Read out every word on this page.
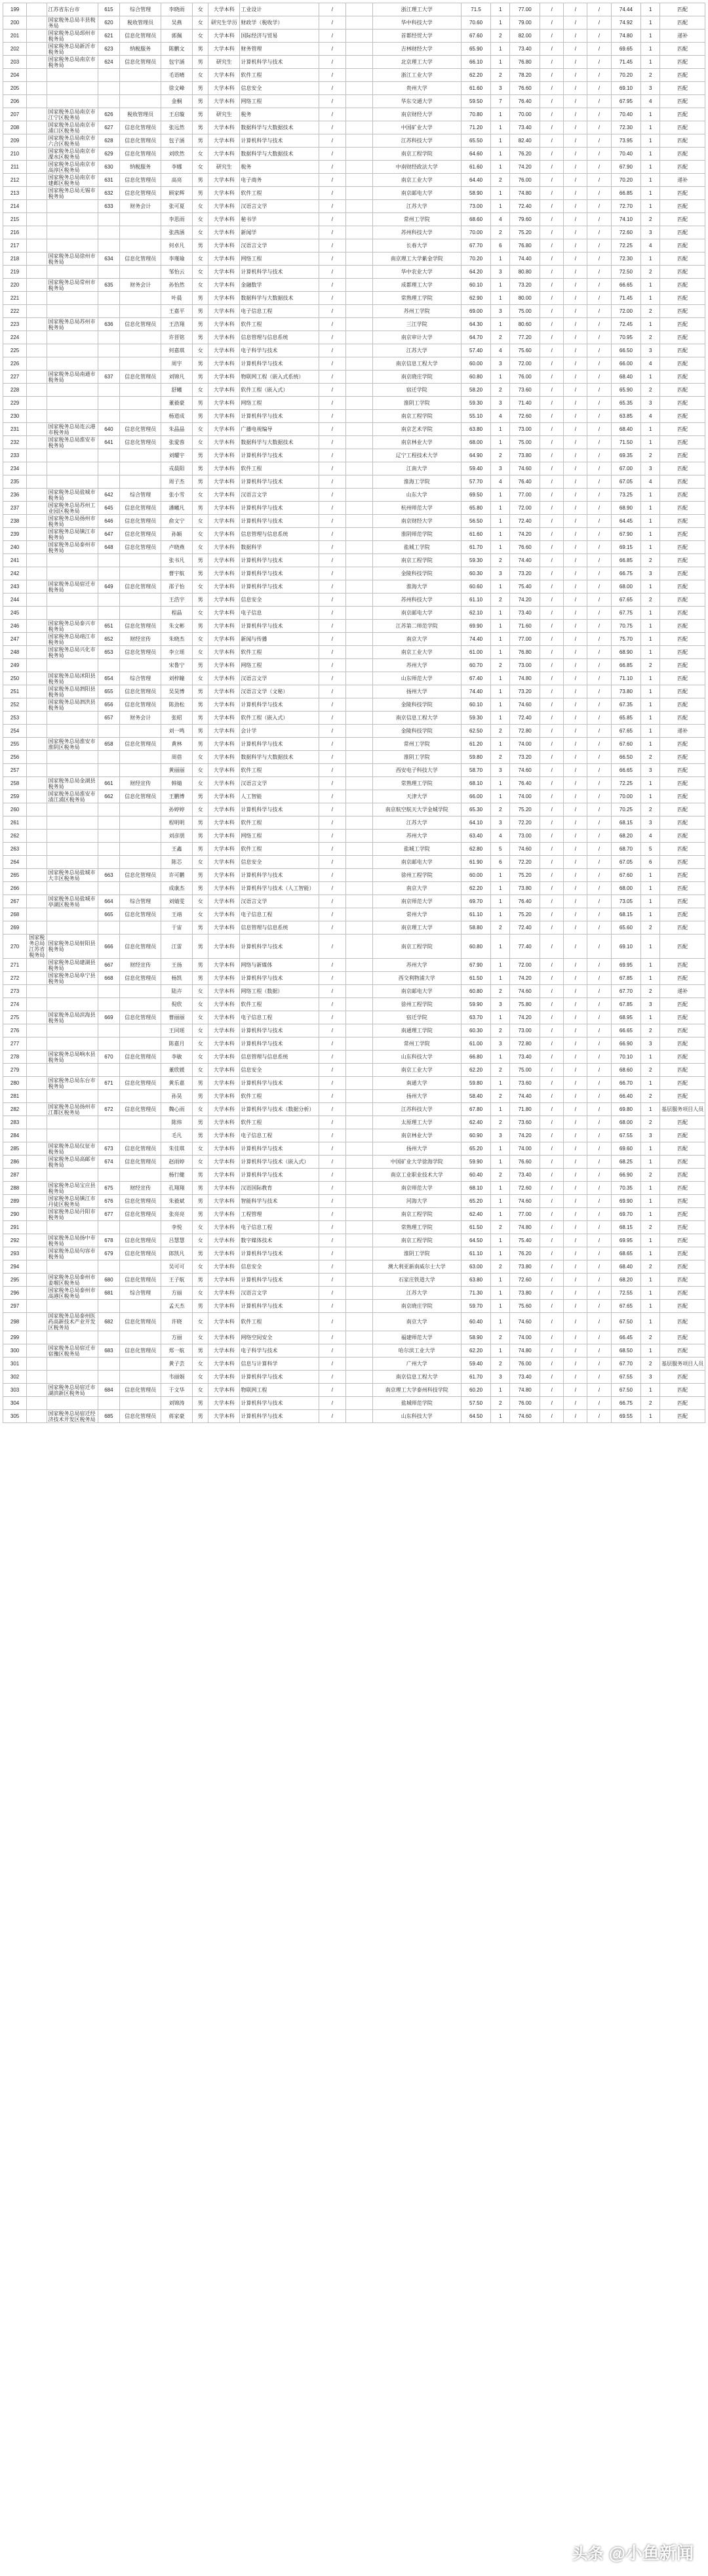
199		江苏省东台市	615	综合管理	李晓雨	女	大学本科	工业设计	/		浙江理工大学	71.5	1	77.00	/	/	/	74.44	1	匹配
200		国家税务总局丰县税务局	620	税收管理员	吴燕	女	研究生学历	财政学（税收学）	/		华中科技大学	70.60	1	79.00	/	/	/	74.92	1	匹配
201		国家税务总局邳州市税务局	621	信息化管理员	郭佩	女	大学本科	国际经济与贸易	/		首都经贸大学	67.60	2	82.00	/	/	/	74.80	1	递补
202		国家税务总局新沂市税务局	623	纳税服务	陈鹏文	男	大学本科	财务管理	/		吉林财经大学	65.90	1	73.40	/	/	/	69.65	1	匹配
203		国家税务总局南京市税务局	624	信息化管理员	包宇涵	男	研究生	计算机科学与技术	/		北京理工大学	66.10	1	76.80	/	/	/	71.45	1	匹配
204					毛语晴	女	大学本科	软件工程	/		浙江工业大学	62.20	2	78.20	/	/	/	70.20	2	匹配
205					徐文峰	男	大学本科	信息安全	/		贵州大学	61.60	3	76.60	/	/	/	69.10	3	匹配
206					金桐	男	大学本科	网络工程	/		华东交通大学	59.50	7	76.40	/	/	/	67.95	4	匹配
207		国家税务总局南京市江宁区税务局	626	税收管理员	王启璇	男	研究生	税务	/		南京财经大学	70.80	1	70.00	/	/	/	70.40	1	匹配
208		国家税务总局南京市浦口区税务局	627	信息化管理员	张远然	男	大学本科	数据科学与大数据技术	/		中国矿业大学	71.20	1	73.40	/	/	/	72.30	1	匹配
209		国家税务总局南京市六合区税务局	628	信息化管理员	包子涵	男	大学本科	计算机科学与技术	/		江苏科技大学	65.50	1	82.40	/	/	/	73.95	1	匹配
210		国家税务总局南京市溧水区税务局	629	信息化管理员	刘欣然	女	大学本科	数据科学与大数据技术	/		南京工程学院	64.60	1	76.20	/	/	/	70.40	1	匹配
211		国家税务总局南京市高淳区税务局	630	纳税服务	李娜	女	研究生	税务	/		中南财经政法大学	61.60	1	74.20	/	/	/	67.90	1	匹配
212		国家税务总局南京市建邺区税务局	631	信息化管理员	高亮	男	大学本科	电子商务	/		南京工业大学	64.40	2	76.00	/	/	/	70.20	1	递补
213		国家税务总局无锡市税务局	632	信息化管理员	顾家辉	男	大学本科	软件工程	/		南京邮电大学	58.90	1	74.80	/	/	/	66.85	1	匹配
214			633	财务会计	张可夏	女	大学本科	汉语言文学	/		江苏大学	73.00	1	72.40	/	/	/	72.70	1	匹配
215					李思雨	女	大学本科	秘书学	/		常州工学院	68.60	4	79.60	/	/	/	74.10	2	匹配
216					张茜涵	女	大学本科	新闻学	/		苏州科技大学	70.00	2	75.20	/	/	/	72.60	3	匹配
217					何卓凡	男	大学本科	汉语言文学	/		长春大学	67.70	6	76.80	/	/	/	72.25	4	匹配
218		国家税务总局徐州市税务局	634	信息化管理员	李瑾瑜	女	大学本科	网络工程	/		南京理工大学紫金学院	70.20	1	74.40	/	/	/	72.30	1	匹配
219					邹怡云	女	大学本科	计算机科学与技术	/		华中农业大学	64.20	3	80.80	/	/	/	72.50	2	匹配
220		国家税务总局常州市税务局	635	财务会计	孙怡然	女	大学本科	金融数学	/		成都理工大学	60.10	1	73.20	/	/	/	66.65	1	匹配
221					叶晨	男	大学本科	数据科学与大数据技术	/		常熟理工学院	62.90	1	80.00	/	/	/	71.45	1	匹配
222					王嘉平	男	大学本科	电子信息工程	/		苏州工学院	69.00	3	75.00	/	/	/	72.00	2	匹配
223		国家税务总局苏州市税务局	636	信息化管理员	王浩翔	男	大学本科	软件工程	/		三江学院	64.30	1	80.60	/	/	/	72.45	1	匹配
224					许晋铭	男	大学本科	信息管理与信息系统	/		南京审计大学	64.70	2	77.20	/	/	/	70.95	2	匹配
225					何嘉琪	女	大学本科	电子科学与技术	/		江苏大学	57.40	4	75.60	/	/	/	66.50	3	匹配
226					周宇	男	大学本科	计算机科学与技术	/		南京信息工程大学	60.00	3	72.00	/	/	/	66.00	4	匹配
227		国家税务总局南通市税务局	637	信息化管理员	刘锦凡	男	大学本科	物联网工程（嵌入式系统）	/		南京晓庄学院	60.80	1	76.00	/	/	/	68.40	1	匹配
228					舒曦	女	大学本科	软件工程（嵌入式）	/		宿迁学院	58.20	2	73.60	/	/	/	65.90	2	匹配
229					董毅豪	男	大学本科	网络工程	/		淮阴工学院	59.30	3	71.40	/	/	/	65.35	3	匹配
230					杨道成	男	大学本科	计算机科学与技术	/		南京工程学院	55.10	4	72.60	/	/	/	63.85	4	匹配
231		国家税务总局连云港市税务局	640	信息化管理员	朱晶晶	女	大学本科	广播电视编导	/		南京艺术学院	63.80	1	73.00	/	/	/	68.40	1	匹配
232		国家税务总局淮安市税务局	641	信息化管理员	张愛蓉	女	大学本科	数据科学与大数据技术	/		南京林业大学	68.00	1	75.00	/	/	/	71.50	1	匹配
233					刘耀宇	男	大学本科	计算机科学与技术	/		辽宁工程技术大学	64.90	2	73.80	/	/	/	69.35	2	匹配
234					戎晨阳	男	大学本科	软件工程	/		江南大学	59.40	3	74.60	/	/	/	67.00	3	匹配
235					周子杰	男	大学本科	计算机科学与技术	/		淮海工学院	57.70	4	76.40	/	/	/	67.05	4	匹配
236		国家税务总局盐城市税务局	642	综合管理	张小雪	女	大学本科	汉语言文学	/		山东大学	69.50	1	77.00	/	/	/	73.25	1	匹配
237		国家税务总局苏州工业园区税务局	645	信息化管理员	潘曦凡	男	大学本科	计算机科学与技术	/		杭州师范大学	65.80	1	72.00	/	/	/	68.90	1	匹配
238		国家税务总局扬州市税务局	646	信息化管理员	俞文宁	女	大学本科	计算机科学与技术	/		南京财经大学	56.50	1	72.40	/	/	/	64.45	1	匹配
239		国家税务总局镇江市税务局	647	信息化管理员	孙颖	女	大学本科	信息管理与信息系统	/		淮阴师范学院	61.60	1	74.20	/	/	/	67.90	1	匹配
240		国家税务总局泰州市税务局	648	信息化管理员	卢晓燕	女	大学本科	数据科学	/		盐城工学院	61.70	1	76.60	/	/	/	69.15	1	匹配
241					张书凡	男	大学本科	计算机科学与技术	/		南京工程学院	59.30	2	74.40	/	/	/	66.85	2	匹配
242					曹宇航	男	大学本科	计算机科学与技术	/		金陵科技学院	60.30	3	73.20	/	/	/	66.75	3	匹配
243		国家税务总局宿迁市税务局	649	信息化管理员	邵子怡	女	大学本科	计算机科学与技术	/		淮海大学	60.60	1	75.40	/	/	/	68.00	1	匹配
244					王浩宇	男	大学本科	信息安全	/		苏州科技大学	61.10	2	74.20	/	/	/	67.65	2	匹配
245					程晶	女	大学本科	电子信息	/		南京邮电大学	62.10	1	73.40	/	/	/	67.75	1	匹配
246		国家税务总局泰兴市税务局	651	信息化管理员	朱文彬	男	大学本科	计算机科学与技术	/		江苏第二师范学院	69.90	1	71.60	/	/	/	70.75	1	匹配
247		国家税务总局靖江市税务局	652	财经宣传	朱晓杰	女	大学本科	新闻与传播	/		南京大学	74.40	1	77.00	/	/	/	75.70	1	匹配
248		国家税务总局兴化市税务局	653	信息化管理员	李立瑶	女	大学本科	软件工程	/		南京工业大学	61.00	1	76.80	/	/	/	68.90	1	匹配
249					宋鲁宁	男	大学本科	网络工程	/		苏州大学	60.70	2	73.00	/	/	/	66.85	2	匹配
250		国家税务总局沭阳县税务局	654	综合管理	刘梓瞳	女	大学本科	汉语言文学	/		山东师范大学	67.40	1	74.80	/	/	/	71.10	1	匹配
251		国家税务总局泗阳县税务局	655	信息化管理员	吴昊博	男	大学本科	汉语言文学（文秘）	/		扬州大学	74.40	1	73.20	/	/	/	73.80	1	匹配
252		国家税务总局泗洪县税务局	656	信息化管理员	陈劲松	男	大学本科	计算机科学与技术	/		金陵科技学院	60.10	1	74.60	/	/	/	67.35	1	匹配
253			657	财务会计	张昭	男	大学本科	软件工程（嵌入式）	/		南京信息工程大学	59.30	1	72.40	/	/	/	65.85	1	匹配
254					刘一鸣	男	大学本科	会计学	/		金陵科技学院	62.50	2	72.80	/	/	/	67.65	1	递补
255		国家税务总局淮安市淮阴区税务局	658	信息化管理员	黄林	男	大学本科	计算机科学与技术	/		常州工学院	61.20	1	74.00	/	/	/	67.60	1	匹配
256					周蓓	女	大学本科	数据科学与大数据技术	/		淮阴工学院	59.80	2	73.20	/	/	/	66.50	2	匹配
257					黄丽丽	女	大学本科	软件工程	/		西安电子科技大学	58.70	3	74.60	/	/	/	66.65	3	匹配
258		国家税务总局金湖县税务局	661	财经宣传	韩婧	女	大学本科	汉语言文学	/		常熟理工学院	68.10	1	76.40	/	/	/	72.25	1	匹配
259		国家税务总局淮安市清江浦区税务局	662	信息化管理员	王鹏博	男	大学本科	人工智能	/		天津大学	66.00	1	74.00	/	/	/	70.00	1	匹配
260					孙婷婷	女	大学本科	计算机科学与技术	/		南京航空航天大学金城学院	65.30	2	75.20	/	/	/	70.25	2	匹配
261					程明明	男	大学本科	软件工程	/		江苏大学	64.10	3	72.20	/	/	/	68.15	3	匹配
262					刘彦朋	男	大学本科	网络工程	/		苏州大学	63.40	4	73.00	/	/	/	68.20	4	匹配
263					王鑫	男	大学本科	软件工程	/		盐城工学院	62.80	5	74.60	/	/	/	68.70	5	匹配
264					陈芯	女	大学本科	信息安全	/		南京邮电大学	61.90	6	72.20	/	/	/	67.05	6	匹配
265		国家税务总局盐城市大丰区税务局	663	信息化管理员	许可鹏	男	大学本科	计算机科学与技术	/		徐州工程学院	60.00	1	75.20	/	/	/	67.60	1	匹配
266					成康杰	男	大学本科	计算机科学与技术（人工智能）	/		南京大学	62.20	1	73.80	/	/	/	68.00	1	匹配
267		国家税务总局盐城市亭湖区税务局	664	综合管理	刘婧雯	女	大学本科	汉语言文学	/		南京师范大学	69.70	1	76.40	/	/	/	73.05	1	匹配
268			665	信息化管理员	王靖	女	大学本科	电子信息工程	/		常州大学	61.10	1	75.20	/	/	/	68.15	1	匹配
269					于宙	男	大学本科	信息管理与信息系统	/		南京理工大学	58.80	2	72.40	/	/	/	65.60	2	匹配
270	国家税务总局江苏省税务局	国家税务总局射阳县税务局	666	信息化管理员	江雷	男	大学本科	计算机科学与技术	/		南京工程学院	60.80	1	77.40	/	/	/	69.10	1	匹配
271		国家税务总局建湖县税务局	667	财经宣传	王扬	男	大学本科	网络与新媒体	/		苏州大学	67.90	1	72.00	/	/	/	69.95	1	匹配
272		国家税务总局阜宁县税务局	668	信息化管理员	杨凯	男	大学本科	计算机科学与技术	/		西交利物浦大学	61.50	1	74.20	/	/	/	67.85	1	匹配
273					陆卉	女	大学本科	网络工程（数据）	/		南京邮电大学	60.80	2	74.60	/	/	/	67.70	2	递补
274					倪欣	女	大学本科	软件工程	/		徐州工程学院	59.90	3	75.80	/	/	/	67.85	3	匹配
275		国家税务总局滨海县税务局	669	信息化管理员	曹丽丽	女	大学本科	电子信息工程	/		宿迁学院	63.70	1	74.20	/	/	/	68.95	1	匹配
276					王同瑶	女	大学本科	计算机科学与技术	/		南通理工学院	60.30	2	73.00	/	/	/	66.65	2	匹配
277					陈嘉月	女	大学本科	计算机科学与技术	/		常州工学院	61.00	3	72.80	/	/	/	66.90	3	匹配
278		国家税务总局响水县税务局	670	信息化管理员	李敏	女	大学本科	信息管理与信息系统	/		山东科技大学	66.80	1	73.40	/	/	/	70.10	1	匹配
279					董欣媛	女	大学本科	信息安全	/		南京工业大学	62.20	2	75.00	/	/	/	68.60	2	匹配
280		国家税务总局东台市税务局	671	信息化管理员	黄乐嘉	男	大学本科	计算机科学与技术	/		南通大学	59.80	1	73.60	/	/	/	66.70	1	匹配
281					孙昊	男	大学本科	软件工程	/		扬州大学	58.40	2	74.40	/	/	/	66.40	2	匹配
282		国家税务总局扬州市江都区税务局	672	信息化管理员	魏心雨	女	大学本科	计算机科学与技术（数据分析）	/		江苏科技大学	67.80	1	71.80	/	/	/	69.80	1	基层服务项目人员
283					陈炜	男	大学本科	软件工程	/		太原理工大学	62.40	2	73.60	/	/	/	68.00	2	匹配
284					毛凡	男	大学本科	电子信息工程	/		南京林业大学	60.90	3	74.20	/	/	/	67.55	3	匹配
285		国家税务总局仪征市税务局	673	信息化管理员	朱佳琪	女	大学本科	计算机科学与技术	/		扬州大学	65.20	1	74.00	/	/	/	69.60	1	匹配
286		国家税务总局高邮市税务局	674	信息化管理员	赵雨婷	女	大学本科	计算机科学与技术（嵌入式）	/		中国矿业大学徐海学院	59.90	1	76.60	/	/	/	68.25	1	匹配
287					杨行健	男	大学本科	计算机科学与技术	/		南京工业职业技术大学	60.40	2	73.40	/	/	/	66.90	2	匹配
288		国家税务总局宝应县税务局	675	财经宣传	孔翔翔	男	大学本科	汉语国际教育	/		南京师范大学	68.10	1	72.60	/	/	/	70.35	1	匹配
289		国家税务总局镇江市丹徒区税务局	676	信息化管理员	朱毅斌	男	大学本科	智能科学与技术	/		河海大学	65.20	1	74.60	/	/	/	69.90	1	匹配
290		国家税务总局丹阳市税务局	677	信息化管理员	张亮亮	男	大学本科	工程管理	/		南京工程学院	62.40	1	77.00	/	/	/	69.70	1	匹配
291					李悦	女	大学本科	电子信息工程	/		常熟理工学院	61.50	2	74.80	/	/	/	68.15	2	匹配
292		国家税务总局扬中市税务局	678	信息化管理员	吕慧慧	女	大学本科	数字媒体技术	/		南京工程学院	64.50	1	75.40	/	/	/	69.95	1	匹配
293		国家税务总局句容市税务局	679	信息化管理员	郎凯凡	男	大学本科	计算机科学与技术	/		淮阴工学院	61.10	1	76.20	/	/	/	68.65	1	匹配
294					吴可可	女	大学本科	信息安全	/		澳大利亚新南威尔士大学	63.00	2	73.80	/	/	/	68.40	2	匹配
295		国家税务总局泰州市姜堰区税务局	680	信息化管理员	王子航	男	大学本科	计算机科学与技术	/		石家庄铁道大学	63.80	1	72.60	/	/	/	68.20	1	匹配
296		国家税务总局泰州市高港区税务局	681	综合管理	方丽	女	大学本科	汉语言文学	/		江苏大学	71.30	1	73.80	/	/	/	72.55	1	匹配
297					孟天杰	男	大学本科	计算机科学与技术	/		南京晓庄学院	59.70	1	75.60	/	/	/	67.65	1	匹配
298		国家税务总局泰州医药高新技术产业开发区税务局	682	信息化管理员	许晓	女	大学本科	软件工程	/		南京大学	60.40	1	74.60	/	/	/	67.50	1	匹配
299					方丽	女	大学本科	网络空间安全	/		福建师范大学	58.90	2	74.00	/	/	/	66.45	2	匹配
300		国家税务总局宿迁市宿豫区税务局	683	信息化管理员	郑一航	男	大学本科	电子科学与技术	/		哈尔滨工业大学	62.20	1	74.80	/	/	/	68.50	1	匹配
301					黄子芸	女	大学本科	信息与计算科学	/		广州大学	59.40	2	76.00	/	/	/	67.70	2	基层服务项目人员
302					韦丽娟	女	大学本科	计算机科学与技术	/		南京信息工程大学	61.70	3	73.40	/	/	/	67.55	3	匹配
303		国家税务总局宿迁市湖滨新区税务局	684	信息化管理员	于文华	女	大学本科	物联网工程	/		南京理工大学泰州科技学院	60.20	1	74.80	/	/	/	67.50	1	匹配
304					刘锦涛	男	大学本科	计算机科学与技术	/		盐城师范学院	57.50	2	76.00	/	/	/	66.75	2	匹配
305		国家税务总局宿迁经济技术开发区税务局	685	信息化管理员	蒋家豪	男	大学本科	计算机科学与技术	/		山东科技大学	64.50	1	74.60	/	/	/	69.55	1	匹配
头条 @小鱼新闻
